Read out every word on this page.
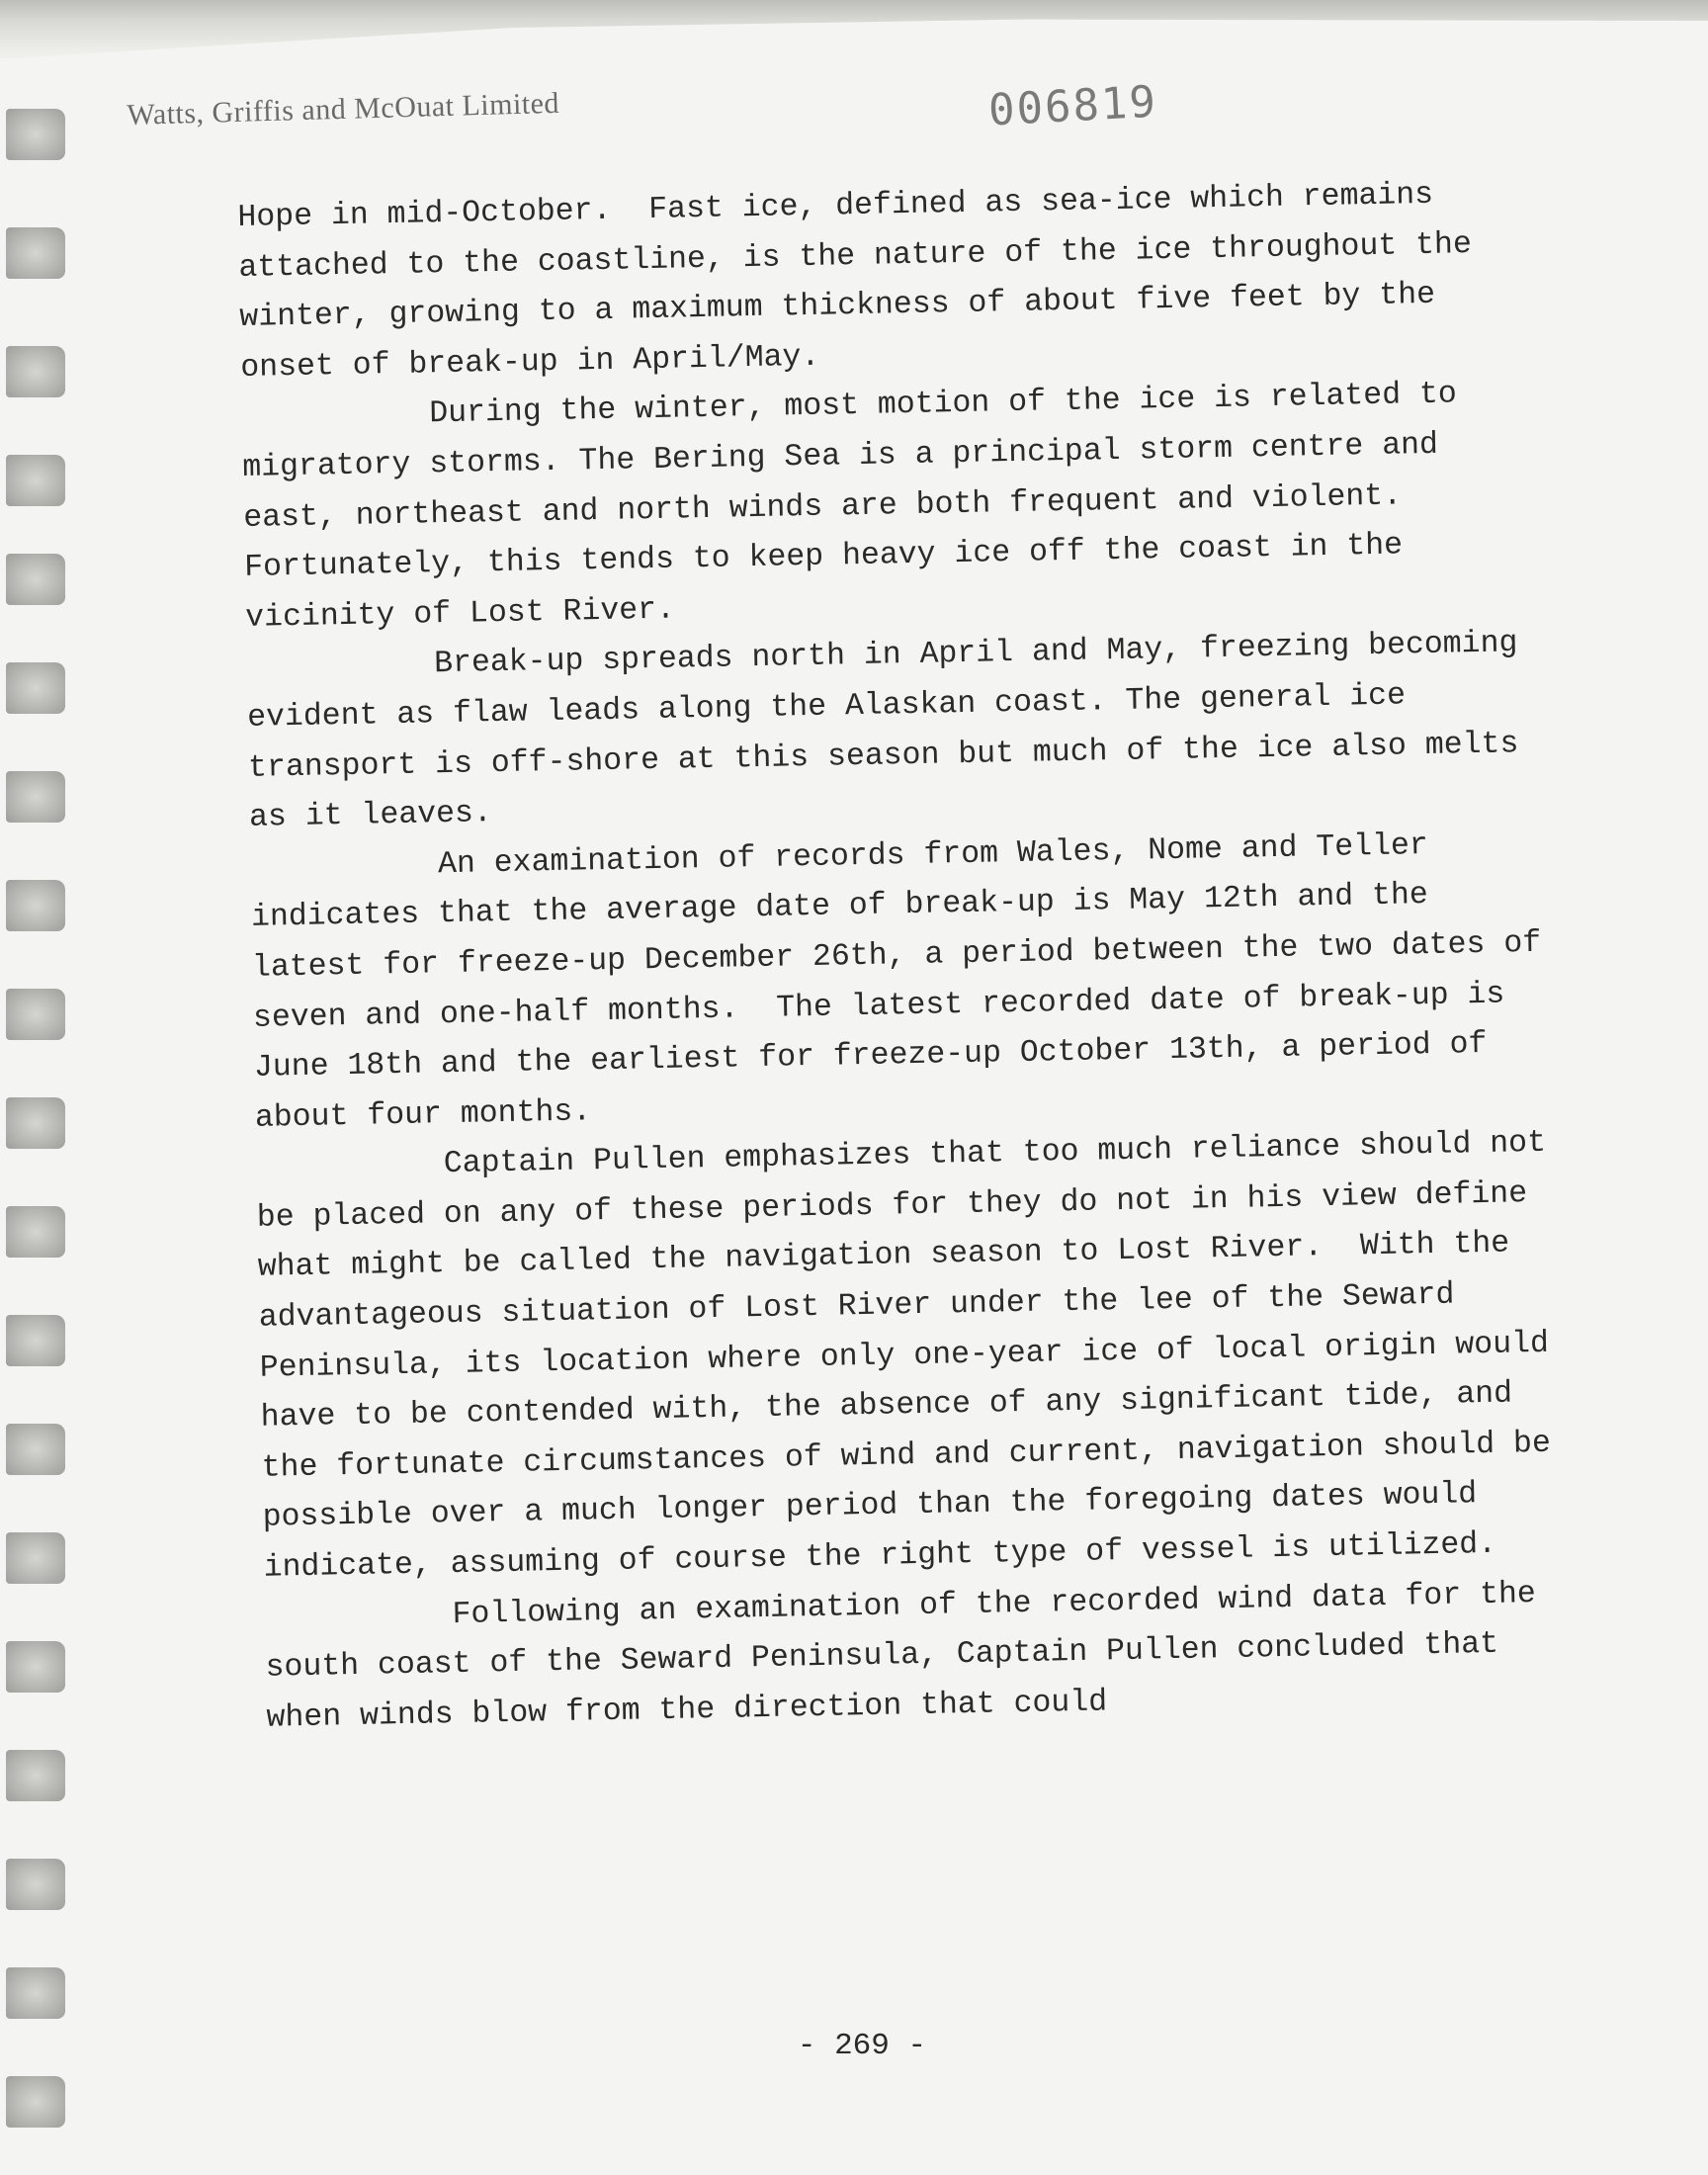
Watts, Griffis and McOuat Limited	006819

Hope in mid-October.  Fast ice, defined as sea-ice which remains attached to the coastline, is the nature of the ice throughout the winter, growing to a maximum thickness of about five feet by the onset of break-up in April/May.

During the winter, most motion of the ice is related to migratory storms. The Bering Sea is a principal storm centre and east, northeast and north winds are both frequent and violent.  Fortunately, this tends to keep heavy ice off the coast in the vicinity of Lost River.

Break-up spreads north in April and May, freezing becoming evident as flaw leads along the Alaskan coast. The general ice transport is off-shore at this season but much of the ice also melts as it leaves.

An examination of records from Wales, Nome and Teller indicates that the average date of break-up is May 12th and the latest for freeze-up December 26th, a period between the two dates of seven and one-half months.  The latest recorded date of break-up is June 18th and the earliest for freeze-up October 13th, a period of about four months.

Captain Pullen emphasizes that too much reliance should not be placed on any of these periods for they do not in his view define what might be called the navigation season to Lost River.  With the advantageous situation of Lost River under the lee of the Seward Peninsula, its location where only one-year ice of local origin would have to be contended with, the absence of any significant tide, and the fortunate circumstances of wind and current, navigation should be possible over a much longer period than the foregoing dates would indicate, assuming of course the right type of vessel is utilized.

Following an examination of the recorded wind data for the south coast of the Seward Peninsula, Captain Pullen concluded that when winds blow from the direction that could

- 269 -
